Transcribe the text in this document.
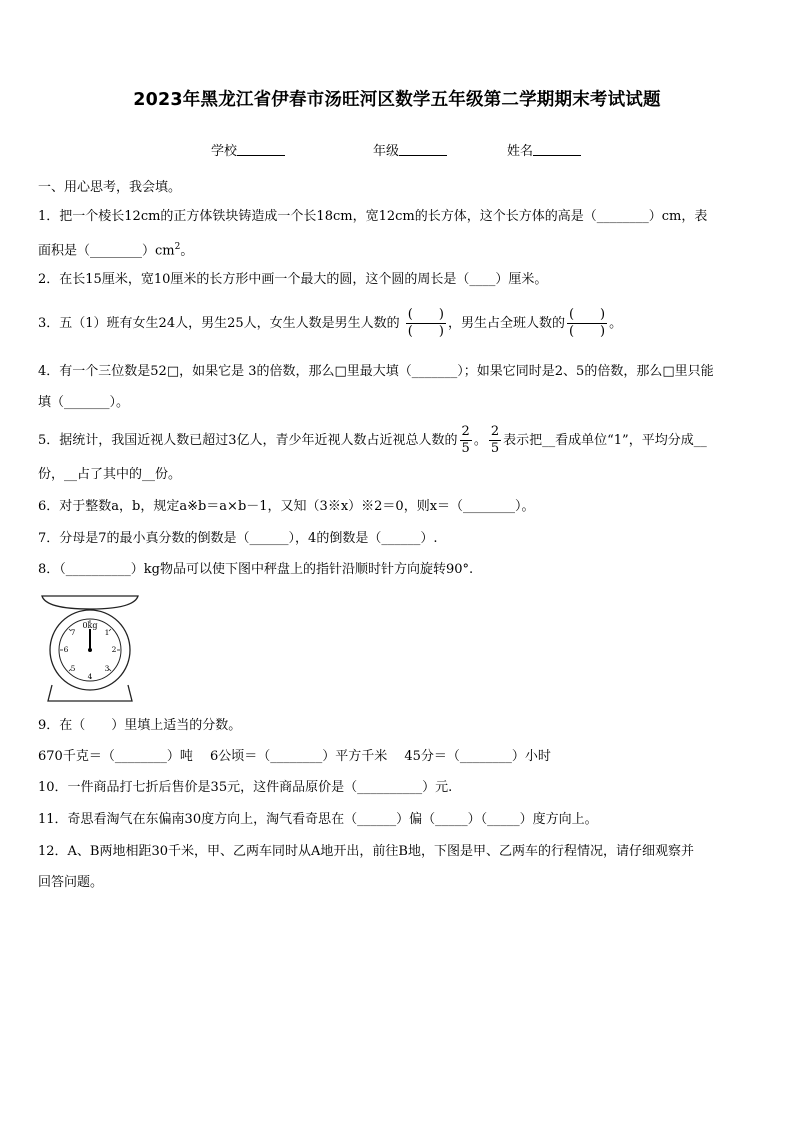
2023年黑龙江省伊春市汤旺河区数学五年级第二学期期末考试试题
学校	年级	姓名
一、用心思考，我会填。
1．把一个棱长12cm的正方体铁块铸造成一个长18cm，宽12cm的长方体，这个长方体的高是（________）cm，表
面积是$(\_\_\_\_\_\_\_\_)cm^2$。
2．在长15厘米，宽10厘米的长方形中画一个最大的圆，这个圆的周长是（____）厘米。
3．五（1）班有女生24人，男生25人，女生人数是男生人数的 $\frac{( )}{( )}$ ，男生占全班人数的 $\frac{( )}{( )}$ 。
4．有一个三位数是52□，如果它是 3的倍数，那么□里最大填（_______）；如果它同时是2、5的倍数，那么□里只能
填（_______）。
5．据统计，我国近视人数已超过3亿人，青少年近视人数占近视总人数的 $\frac{2}{5}$ 。 $\frac{2}{5}$ 表示把__看成单位“1”，平均分成__
份，__占了其中的__份。
6．对于整数a，b，规定a※b＝a×b－1，又知（3※x）※2＝0，则x＝（________）。
7．分母是7的最小真分数的倒数是（______），4的倒数是（______）.
8．（__________）kg物品可以使下图中秤盘上的指针沿顺时针方向旋转90°.
0kg
1
2
3
4
5
6
7
9．在（　　）里填上适当的分数。
670千克＝（________）吨　 6公顷＝（________）平方千米　 45分＝（________）小时
10．一件商品打七折后售价是35元，这件商品原价是（__________）元.
11．奇思看淘气在东偏南30度方向上，淘气看奇思在（______）偏（_____）（_____）度方向上。
12．A、B两地相距30千米，甲、乙两车同时从A地开出，前往B地，下图是甲、乙两车的行程情况，请仔细观察并
回答问题。
